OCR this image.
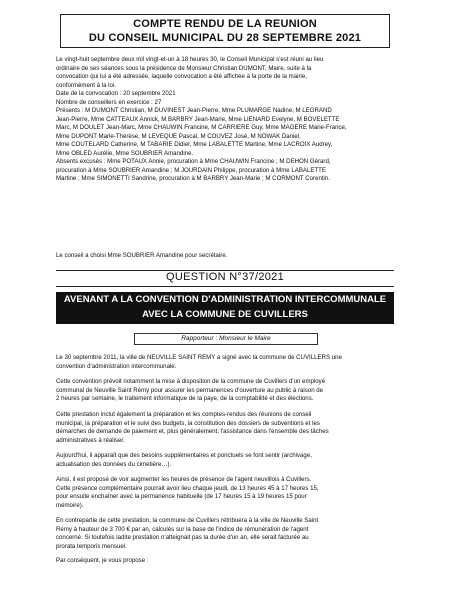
COMPTE RENDU DE LA REUNION
DU CONSEIL MUNICIPAL DU 28 SEPTEMBRE 2021
Le vingt-huit septembre deux mil vingt-et-un à 18 heures 30, le Conseil Municipal s'est réuni au lieu
ordinaire de ses séances sous la présidence de Monsieur Christian DUMONT, Maire, suite à la
convocation qui lui a été adressée, laquelle convocation a été affichée à la porte de la mairie,
conformément à la loi.
Date de la convocation : 20 septembre 2021
Nombre de conseillers en exercice : 27
Présents : M DUMONT Christian, M DUVINEST Jean-Pierre, Mme PLUMARGE Nadine, M LEGRAND
Jean-Pierre, Mme CATTEAUX Annick, M BARBRY Jean-Marie, Mme LIENARD Evelyne, M BOVELETTE
Marc, M DOULET Jean-Marc, Mme CHAUWIN Francine, M CARRIERE Guy, Mme MAGERE Marie-France,
Mme DUPONT Marie-Thérèse, M LEVEQUE Pascal, M COUVEZ José, M NOWAK Daniel,
Mme COUTELARD Catherine, M TABARIE Didier, Mme LABALETTE Martine, Mme LACROIX Audrey,
Mme OBLED Aurélie, Mme SOUBRIER Amandine.
Absents excusés : Mme POTAUX Annie, procuration à Mme CHAUWIN Francine ; M DEHON Gérard,
procuration à Mme SOUBRIER Amandine ; M JOURDAIN Philippe, procuration à Mme LABALETTE
Martine ; Mme SIMONETTI Sandrine, procuration à M BARBRY Jean-Marie ; M CORMONT Corentin.
Le conseil a choisi Mme SOUBRIER Amandine pour secrétaire.
QUESTION N°37/2021
AVENANT A LA CONVENTION D'ADMINISTRATION INTERCOMMUNALE
AVEC LA COMMUNE DE CUVILLERS
Rapporteur : Monsieur le Maire
Le 30 septembre 2011, la ville de NEUVILLE SAINT REMY a signé avec la commune de CUVILLERS une
convention d'administration intercommunale.
Cette convention prévoit notamment la mise à disposition de la commune de Cuvillers d'un employé
communal de Neuville Saint Rémy pour assurer les permanences d'ouverture au public à raison de
2 heures par semaine, le traitement informatique de la paye, de la comptabilité et des élections.
Cette prestation inclut également la préparation et les comptes-rendus des réunions de conseil
municipal, la préparation et le suivi des budgets, la constitution des dossiers de subventions et les
démarches de demande de paiement et, plus généralement, l'assistance dans l'ensemble des tâches
administratives à réaliser.
Aujourd'hui, il apparaît que des besoins supplémentaires et ponctuels se font sentir (archivage,
actualisation des données du cimetière…).
Ainsi, il est proposé de voir augmenter les heures de présence de l'agent neuvillois à Cuvillers.
Cette présence complémentaire pourrait avoir lieu chaque jeudi, de 13 heures 45 à 17 heures 15,
pour ensuite enchaîner avec la permanence habituelle (de 17 heures 15 à 19 heures 15 pour
mémoire).
En contrepartie de cette prestation, la commune de Cuvillers rétribuera à la ville de Neuville Saint
Rémy à hauteur de 3 700 € par an, calculés sur la base de l'indice de rémunération de l'agent
concerné. Si toutefois ladite prestation n'atteignait pas la durée d'un an, elle serait facturée au
prorata temporis mensuel.
Par conséquent, je vous propose :
